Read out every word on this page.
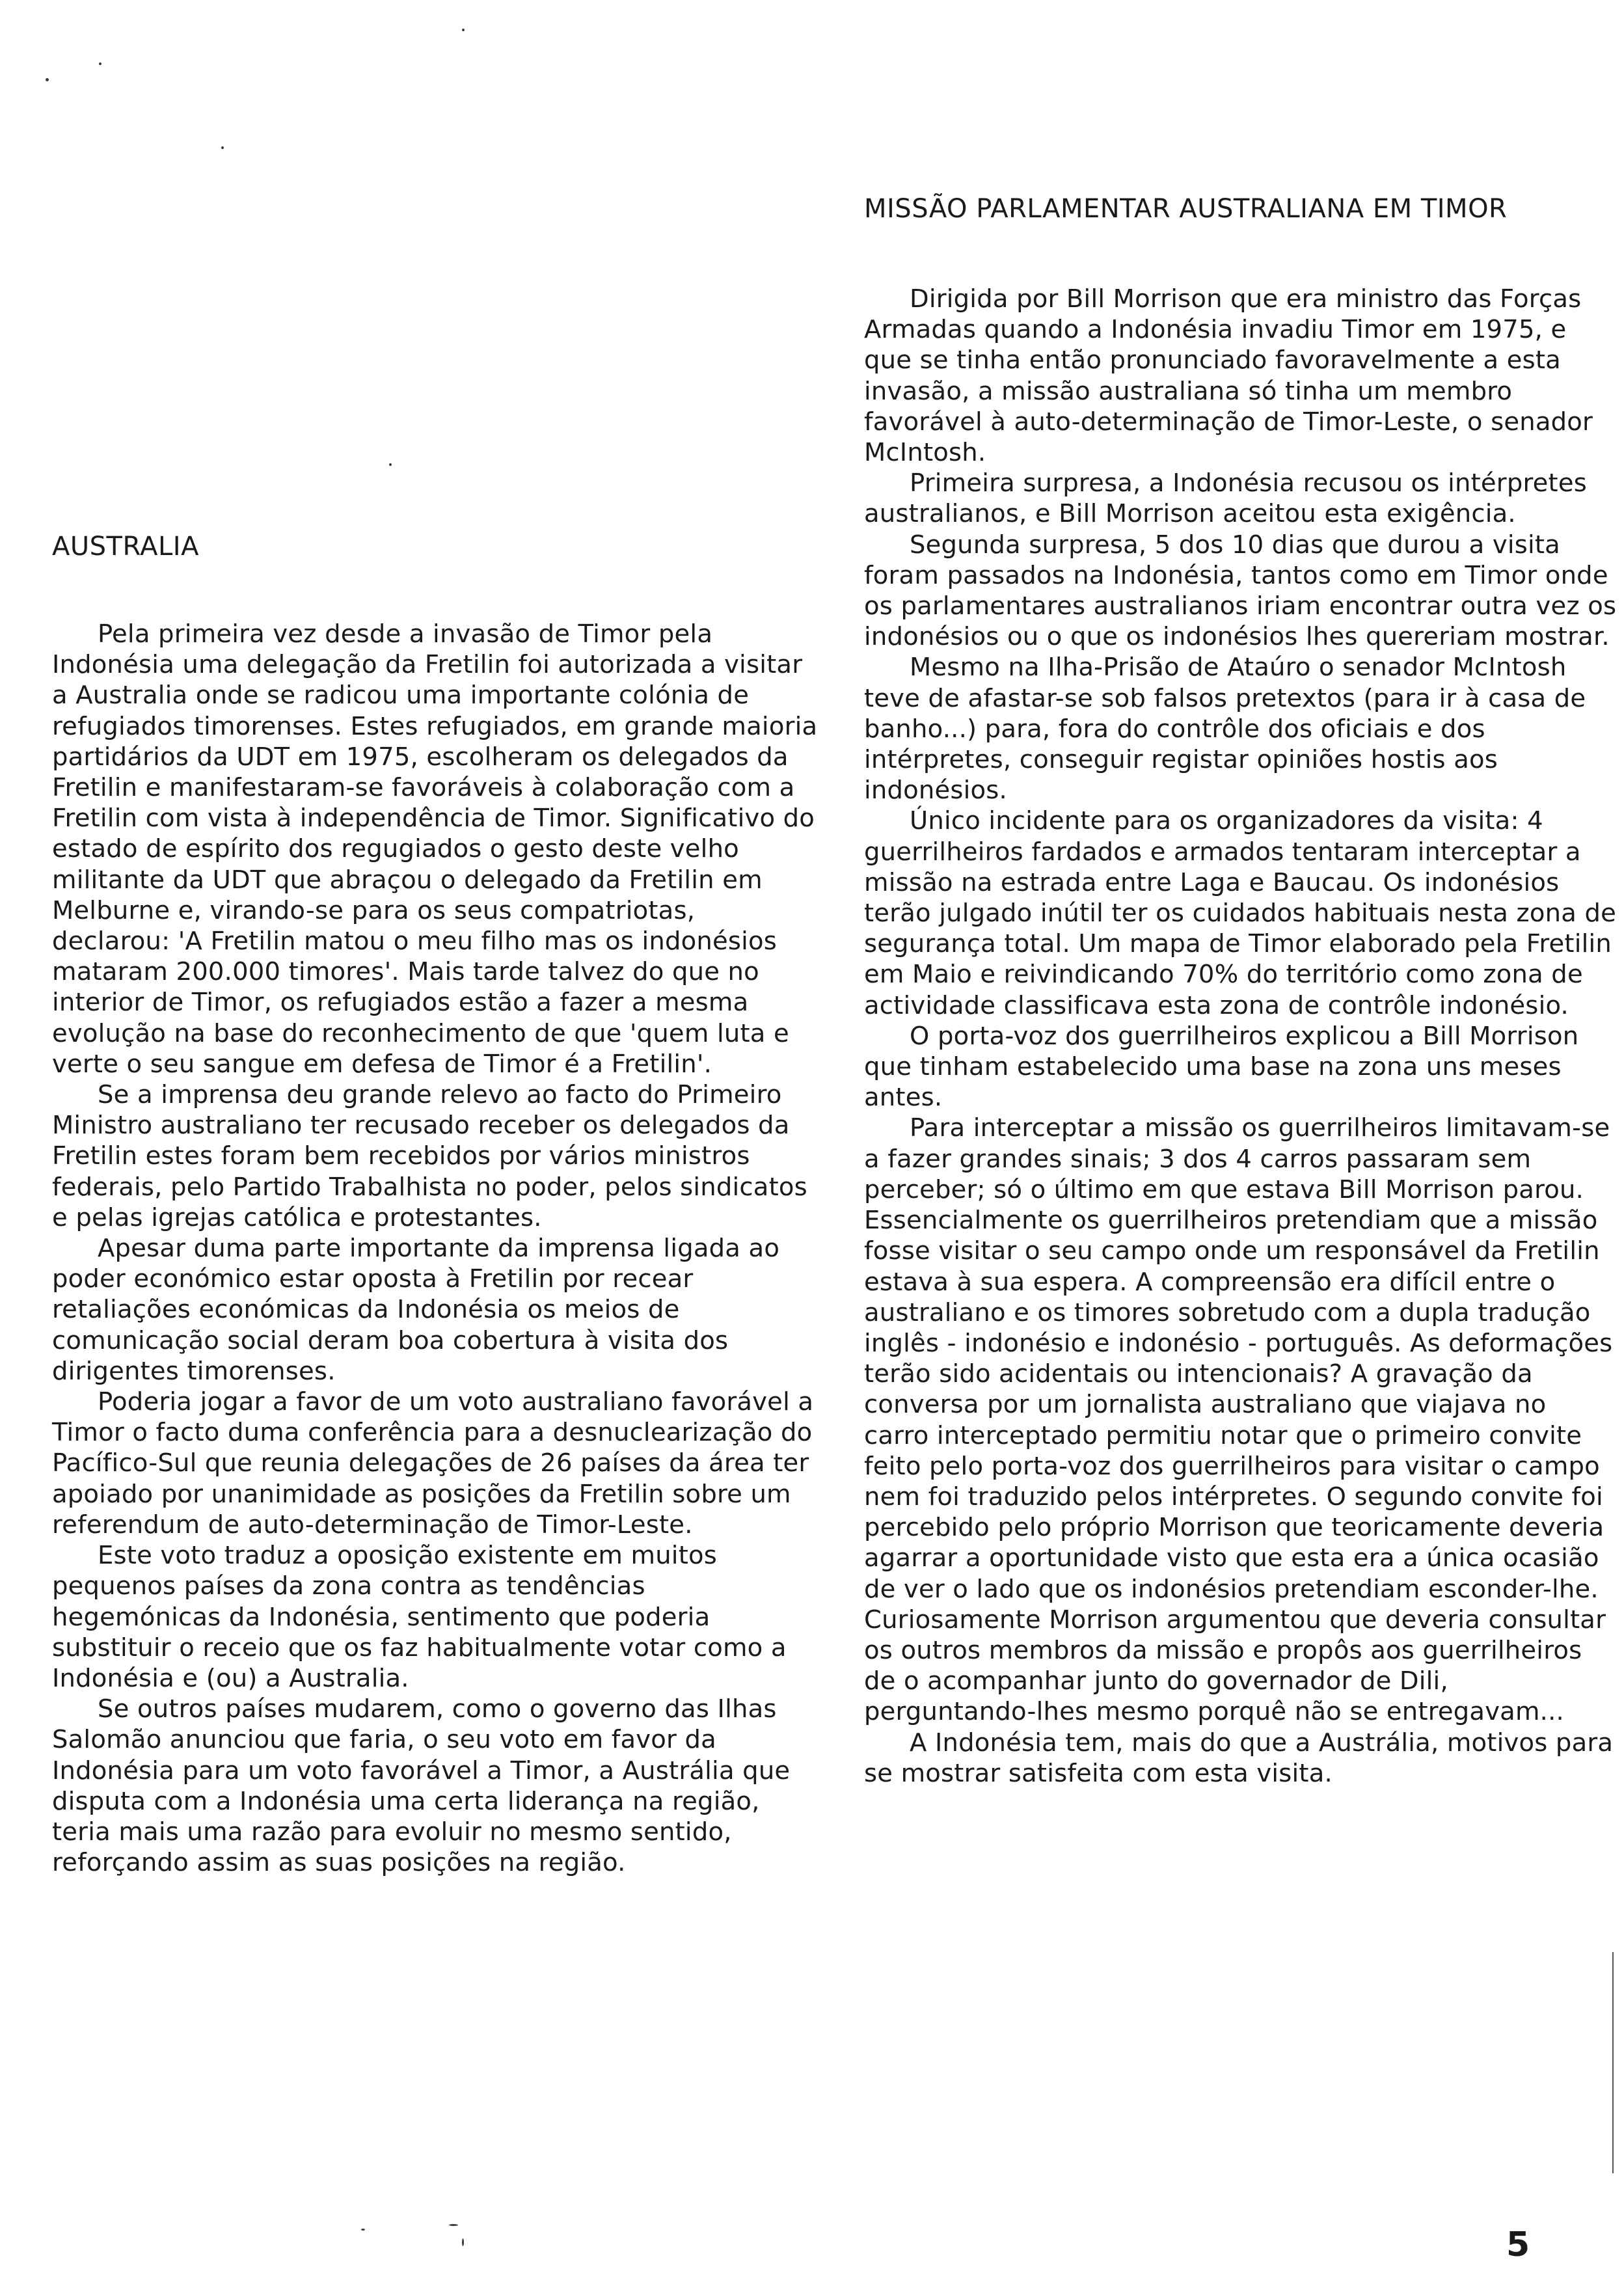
AUSTRALIA

Pela primeira vez desde a invasão de Timor pela Indonésia uma delegação da Fretilin foi autorizada a visitar a Australia onde se radicou uma importante colónia de refugiados timorenses. Estes refugiados, em grande maioria partidários da UDT em 1975, escolheram os delegados da Fretilin e manifestaram-se favoráveis à colaboração com a Fretilin com vista à independência de Timor. Significativo do estado de espírito dos regugiados o gesto deste velho militante da UDT que abraçou o delegado da Fretilin em Melburne e, virando-se para os seus compatriotas, declarou: 'A Fretilin matou o meu filho mas os indonésios mataram 200.000 timores'. Mais tarde talvez do que no interior de Timor, os refugiados estão a fazer a mesma evolução na base do reconhecimento de que 'quem luta e verte o seu sangue em defesa de Timor é a Fretilin'.

Se a imprensa deu grande relevo ao facto do Primeiro Ministro australiano ter recusado receber os delegados da Fretilin estes foram bem recebidos por vários ministros federais, pelo Partido Trabalhista no poder, pelos sindicatos e pelas igrejas católica e protestantes.

Apesar duma parte importante da imprensa ligada ao poder económico estar oposta à Fretilin por recear retaliações económicas da Indonésia os meios de comunicação social deram boa cobertura à visita dos dirigentes timorenses.

Poderia jogar a favor de um voto australiano favorável a Timor o facto duma conferência para a desnuclearização do Pacífico-Sul que reunia delegações de 26 países da área ter apoiado por unanimidade as posições da Fretilin sobre um referendum de auto-determinação de Timor-Leste.

Este voto traduz a oposição existente em muitos pequenos países da zona contra as tendências hegemónicas da Indonésia, sentimento que poderia substituir o receio que os faz habitualmente votar como a Indonésia e (ou) a Australia.

Se outros países mudarem, como o governo das Ilhas Salomão anunciou que faria, o seu voto em favor da Indonésia para um voto favorável a Timor, a Austrália que disputa com a Indonésia uma certa liderança na região, teria mais uma razão para evoluir no mesmo sentido, reforçando assim as suas posições na região.

MISSÃO PARLAMENTAR AUSTRALIANA EM TIMOR

Dirigida por Bill Morrison que era ministro das Forças Armadas quando a Indonésia invadiu Timor em 1975, e que se tinha então pronunciado favoravelmente a esta invasão, a missão australiana só tinha um membro favorável à auto-determinação de Timor-Leste, o senador McIntosh.

Primeira surpresa, a Indonésia recusou os intérpretes australianos, e Bill Morrison aceitou esta exigência.

Segunda surpresa, 5 dos 10 dias que durou a visita foram passados na Indonésia, tantos como em Timor onde os parlamentares australianos iriam encontrar outra vez os indonésios ou o que os indonésios lhes quereriam mostrar.

Mesmo na Ilha-Prisão de Ataúro o senador McIntosh teve de afastar-se sob falsos pretextos (para ir à casa de banho...) para, fora do contrôle dos oficiais e dos intérpretes, conseguir registar opiniões hostis aos indonésios.

Único incidente para os organizadores da visita: 4 guerrilheiros fardados e armados tentaram interceptar a missão na estrada entre Laga e Baucau. Os indonésios terão julgado inútil ter os cuidados habituais nesta zona de segurança total. Um mapa de Timor elaborado pela Fretilin em Maio e reivindicando 70% do território como zona de actividade classificava esta zona de contrôle indonésio.

O porta-voz dos guerrilheiros explicou a Bill Morrison que tinham estabelecido uma base na zona uns meses antes.

Para interceptar a missão os guerrilheiros limitavam-se a fazer grandes sinais; 3 dos 4 carros passaram sem perceber; só o último em que estava Bill Morrison parou. Essencialmente os guerrilheiros pretendiam que a missão fosse visitar o seu campo onde um responsável da Fretilin estava à sua espera. A compreensão era difícil entre o australiano e os timores sobretudo com a dupla tradução inglês - indonésio e indonésio - português. As deformações terão sido acidentais ou intencionais? A gravação da conversa por um jornalista australiano que viajava no carro interceptado permitiu notar que o primeiro convite feito pelo porta-voz dos guerrilheiros para visitar o campo nem foi traduzido pelos intérpretes. O segundo convite foi percebido pelo próprio Morrison que teoricamente deveria agarrar a oportunidade visto que esta era a única ocasião de ver o lado que os indonésios pretendiam esconder-lhe. Curiosamente Morrison argumentou que deveria consultar os outros membros da missão e propôs aos guerrilheiros de o acompanhar junto do governador de Dili, perguntando-lhes mesmo porquê não se entregavam...

A Indonésia tem, mais do que a Austrália, motivos para se mostrar satisfeita com esta visita.

5
